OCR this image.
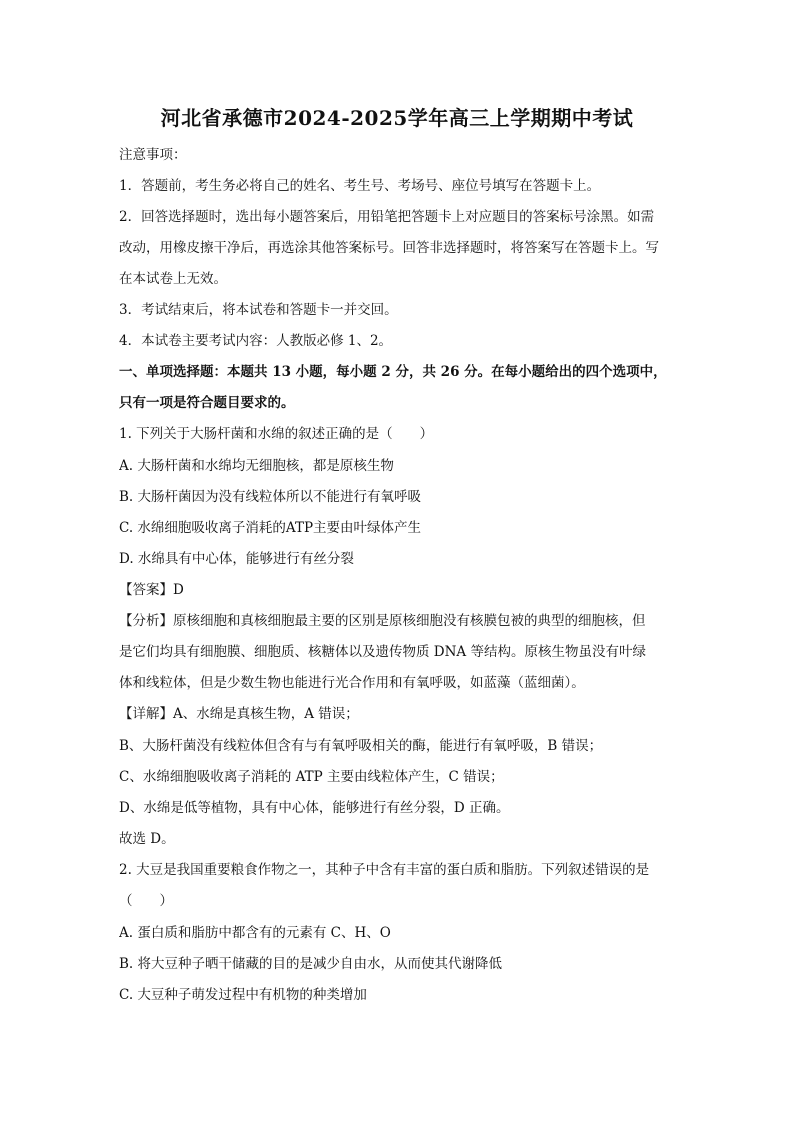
河北省承德市2024-2025学年高三上学期期中考试
注意事项：
1．答题前，考生务必将自己的姓名、考生号、考场号、座位号填写在答题卡上。
2．回答选择题时，选出每小题答案后，用铅笔把答题卡上对应题目的答案标号涂黑。如需
改动，用橡皮擦干净后，再选涂其他答案标号。回答非选择题时，将答案写在答题卡上。写
在本试卷上无效。
3．考试结束后，将本试卷和答题卡一并交回。
4．本试卷主要考试内容：人教版必修 1、2。
一、单项选择题：本题共 13 小题，每小题 2 分，共 26 分。在每小题给出的四个选项中，
只有一项是符合题目要求的。
1. 下列关于大肠杆菌和水绵的叙述正确的是（　　）
A. 大肠杆菌和水绵均无细胞核，都是原核生物
B. 大肠杆菌因为没有线粒体所以不能进行有氧呼吸
C. 水绵细胞吸收离子消耗的ATP主要由叶绿体产生
D. 水绵具有中心体，能够进行有丝分裂
【答案】D
【分析】原核细胞和真核细胞最主要的区别是原核细胞没有核膜包被的典型的细胞核，但
是它们均具有细胞膜、细胞质、核糖体以及遗传物质 DNA 等结构。原核生物虽没有叶绿
体和线粒体，但是少数生物也能进行光合作用和有氧呼吸，如蓝藻（蓝细菌）。
【详解】A、水绵是真核生物，A 错误；
B、大肠杆菌没有线粒体但含有与有氧呼吸相关的酶，能进行有氧呼吸，B 错误；
C、水绵细胞吸收离子消耗的 ATP 主要由线粒体产生，C 错误；
D、水绵是低等植物，具有中心体，能够进行有丝分裂，D 正确。
故选 D。
2. 大豆是我国重要粮食作物之一，其种子中含有丰富的蛋白质和脂肪。下列叙述错误的是
（　　）
A. 蛋白质和脂肪中都含有的元素有 C、H、O
B. 将大豆种子晒干储藏的目的是减少自由水，从而使其代谢降低
C. 大豆种子萌发过程中有机物的种类增加
